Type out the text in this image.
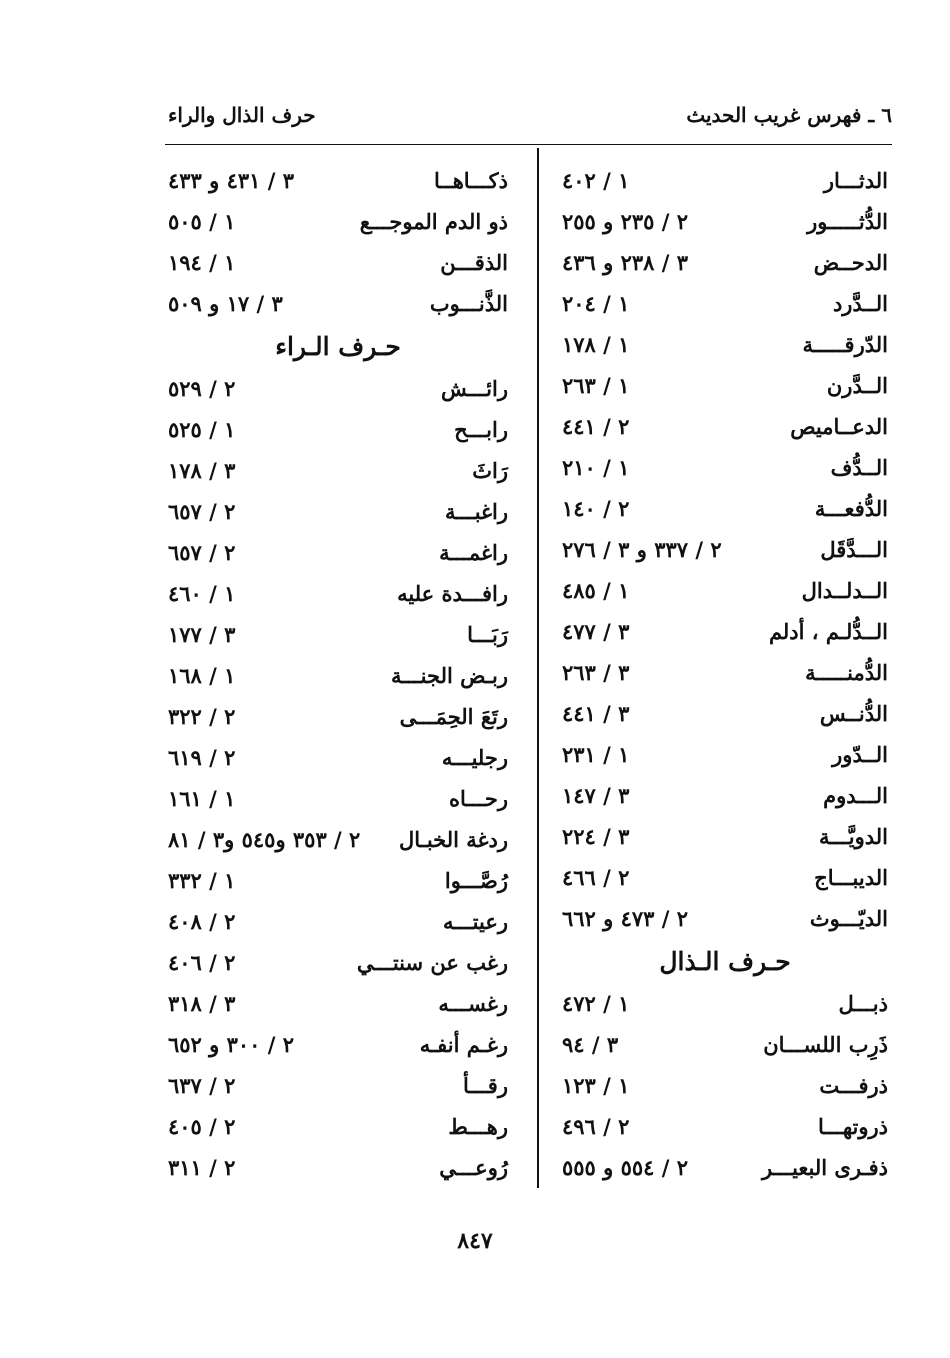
٦ ـ فهرس غريب الحديث
حرف الذال والراء
الدثـــار
١ / ٤٠٢
الدُّثـــــور
٢ / ٢٣٥ و ٢٥٥
الدحــض
٣ / ٢٣٨ و ٤٣٦
الــدَّرد
١ / ٢٠٤
الدّرقـــــة
١ / ١٧٨
الــدَّرن
١ / ٢٦٣
الدعــاميص
٢ / ٤٤١
الــدُّف
١ / ٢١٠
الدُّفعـــة
٢ / ١٤٠
الـــدَّقَل
٢ / ٣٣٧ و ٣ / ٢٧٦
الــدلــدال
١ / ٤٨٥
الــدُّلـم ، أدلم
٣ / ٤٧٧
الدُّمنـــــة
٣ / ٢٦٣
الدُّنــس
٣ / ٤٤١
الــدّور
١ / ٢٣١
الـــدوم
٣ / ١٤٧
الدويَّـــة
٣ / ٢٢٤
الديبـــاج
٢ / ٤٦٦
الديّـــوث
٢ / ٤٧٣ و ٦٦٢
حـرف الـذال
ذبـــل
١ / ٤٧٢
ذَرِب اللســـان
٣ / ٩٤
ذرفـــت
١ / ١٢٣
ذروتهـــا
٢ / ٤٩٦
ذفـرى البعيـــر
٢ / ٥٥٤ و ٥٥٥
ذكـــاهــا
٣ / ٤٣١ و ٤٣٣
ذو الدم الموجـــع
١ / ٥٠٥
الذقـــن
١ / ١٩٤
الذَّنـــوب
٣ / ١٧ و ٥٠٩
حـرف الـراء
رائـــش
٢ / ٥٢٩
رابـــح
١ / ٥٢٥
رَاثَ
٣ / ١٧٨
راغبـــة
٢ / ٦٥٧
راغمـــة
٢ / ٦٥٧
رافـــدة عليه
١ / ٤٦٠
رَبَـــا
٣ / ١٧٧
ربـض الجنـــة
١ / ١٦٨
رتَعَ الحِمَـــى
٢ / ٣٢٢
رجليـــه
٢ / ٦١٩
رحـــاه
١ / ١٦١
ردغة الخبـال
٢ / ٣٥٣ و٥٤٥ و٣ / ٨١
رُصَّـــوا
١ / ٣٣٢
رعيتـــه
٢ / ٤٠٨
رغب عن سنتـــي
٢ / ٤٠٦
رغســـه
٣ / ٣١٨
رغـم أنفـه
٢ / ٣٠٠ و ٦٥٢
رقـــأ
٢ / ٦٣٧
رهـــط
٢ / ٤٠٥
رُوعـــي
٢ / ٣١١
٨٤٧
